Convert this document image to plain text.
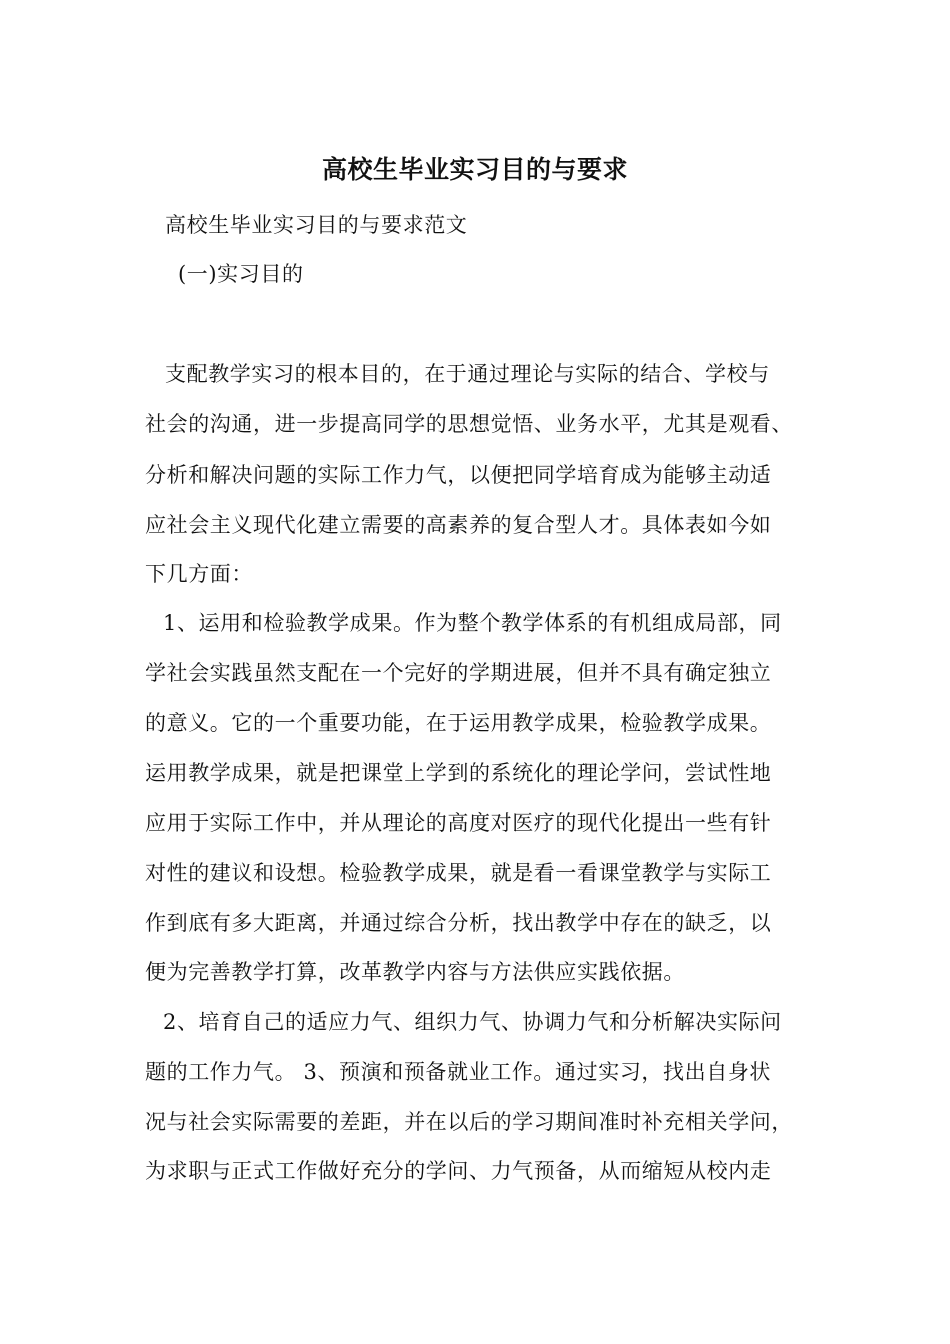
高校生毕业实习目的与要求
高校生毕业实习目的与要求范文
(一)实习目的
支配教学实习的根本目的，在于通过理论与实际的结合、学校与
社会的沟通，进一步提高同学的思想觉悟、业务水平，尤其是观看、
分析和解决问题的实际工作力气，以便把同学培育成为能够主动适
应社会主义现代化建立需要的高素养的复合型人才。具体表如今如
下几方面：
1、运用和检验教学成果。作为整个教学体系的有机组成局部，同
学社会实践虽然支配在一个完好的学期进展，但并不具有确定独立
的意义。它的一个重要功能，在于运用教学成果，检验教学成果。
运用教学成果，就是把课堂上学到的系统化的理论学问，尝试性地
应用于实际工作中，并从理论的高度对医疗的现代化提出一些有针
对性的建议和设想。检验教学成果，就是看一看课堂教学与实际工
作到底有多大距离，并通过综合分析，找出教学中存在的缺乏，以
便为完善教学打算，改革教学内容与方法供应实践依据。
2、培育自己的适应力气、组织力气、协调力气和分析解决实际问
题的工作力气。 3、预演和预备就业工作。通过实习，找出自身状
况与社会实际需要的差距，并在以后的学习期间准时补充相关学问，
为求职与正式工作做好充分的学问、力气预备，从而缩短从校内走
